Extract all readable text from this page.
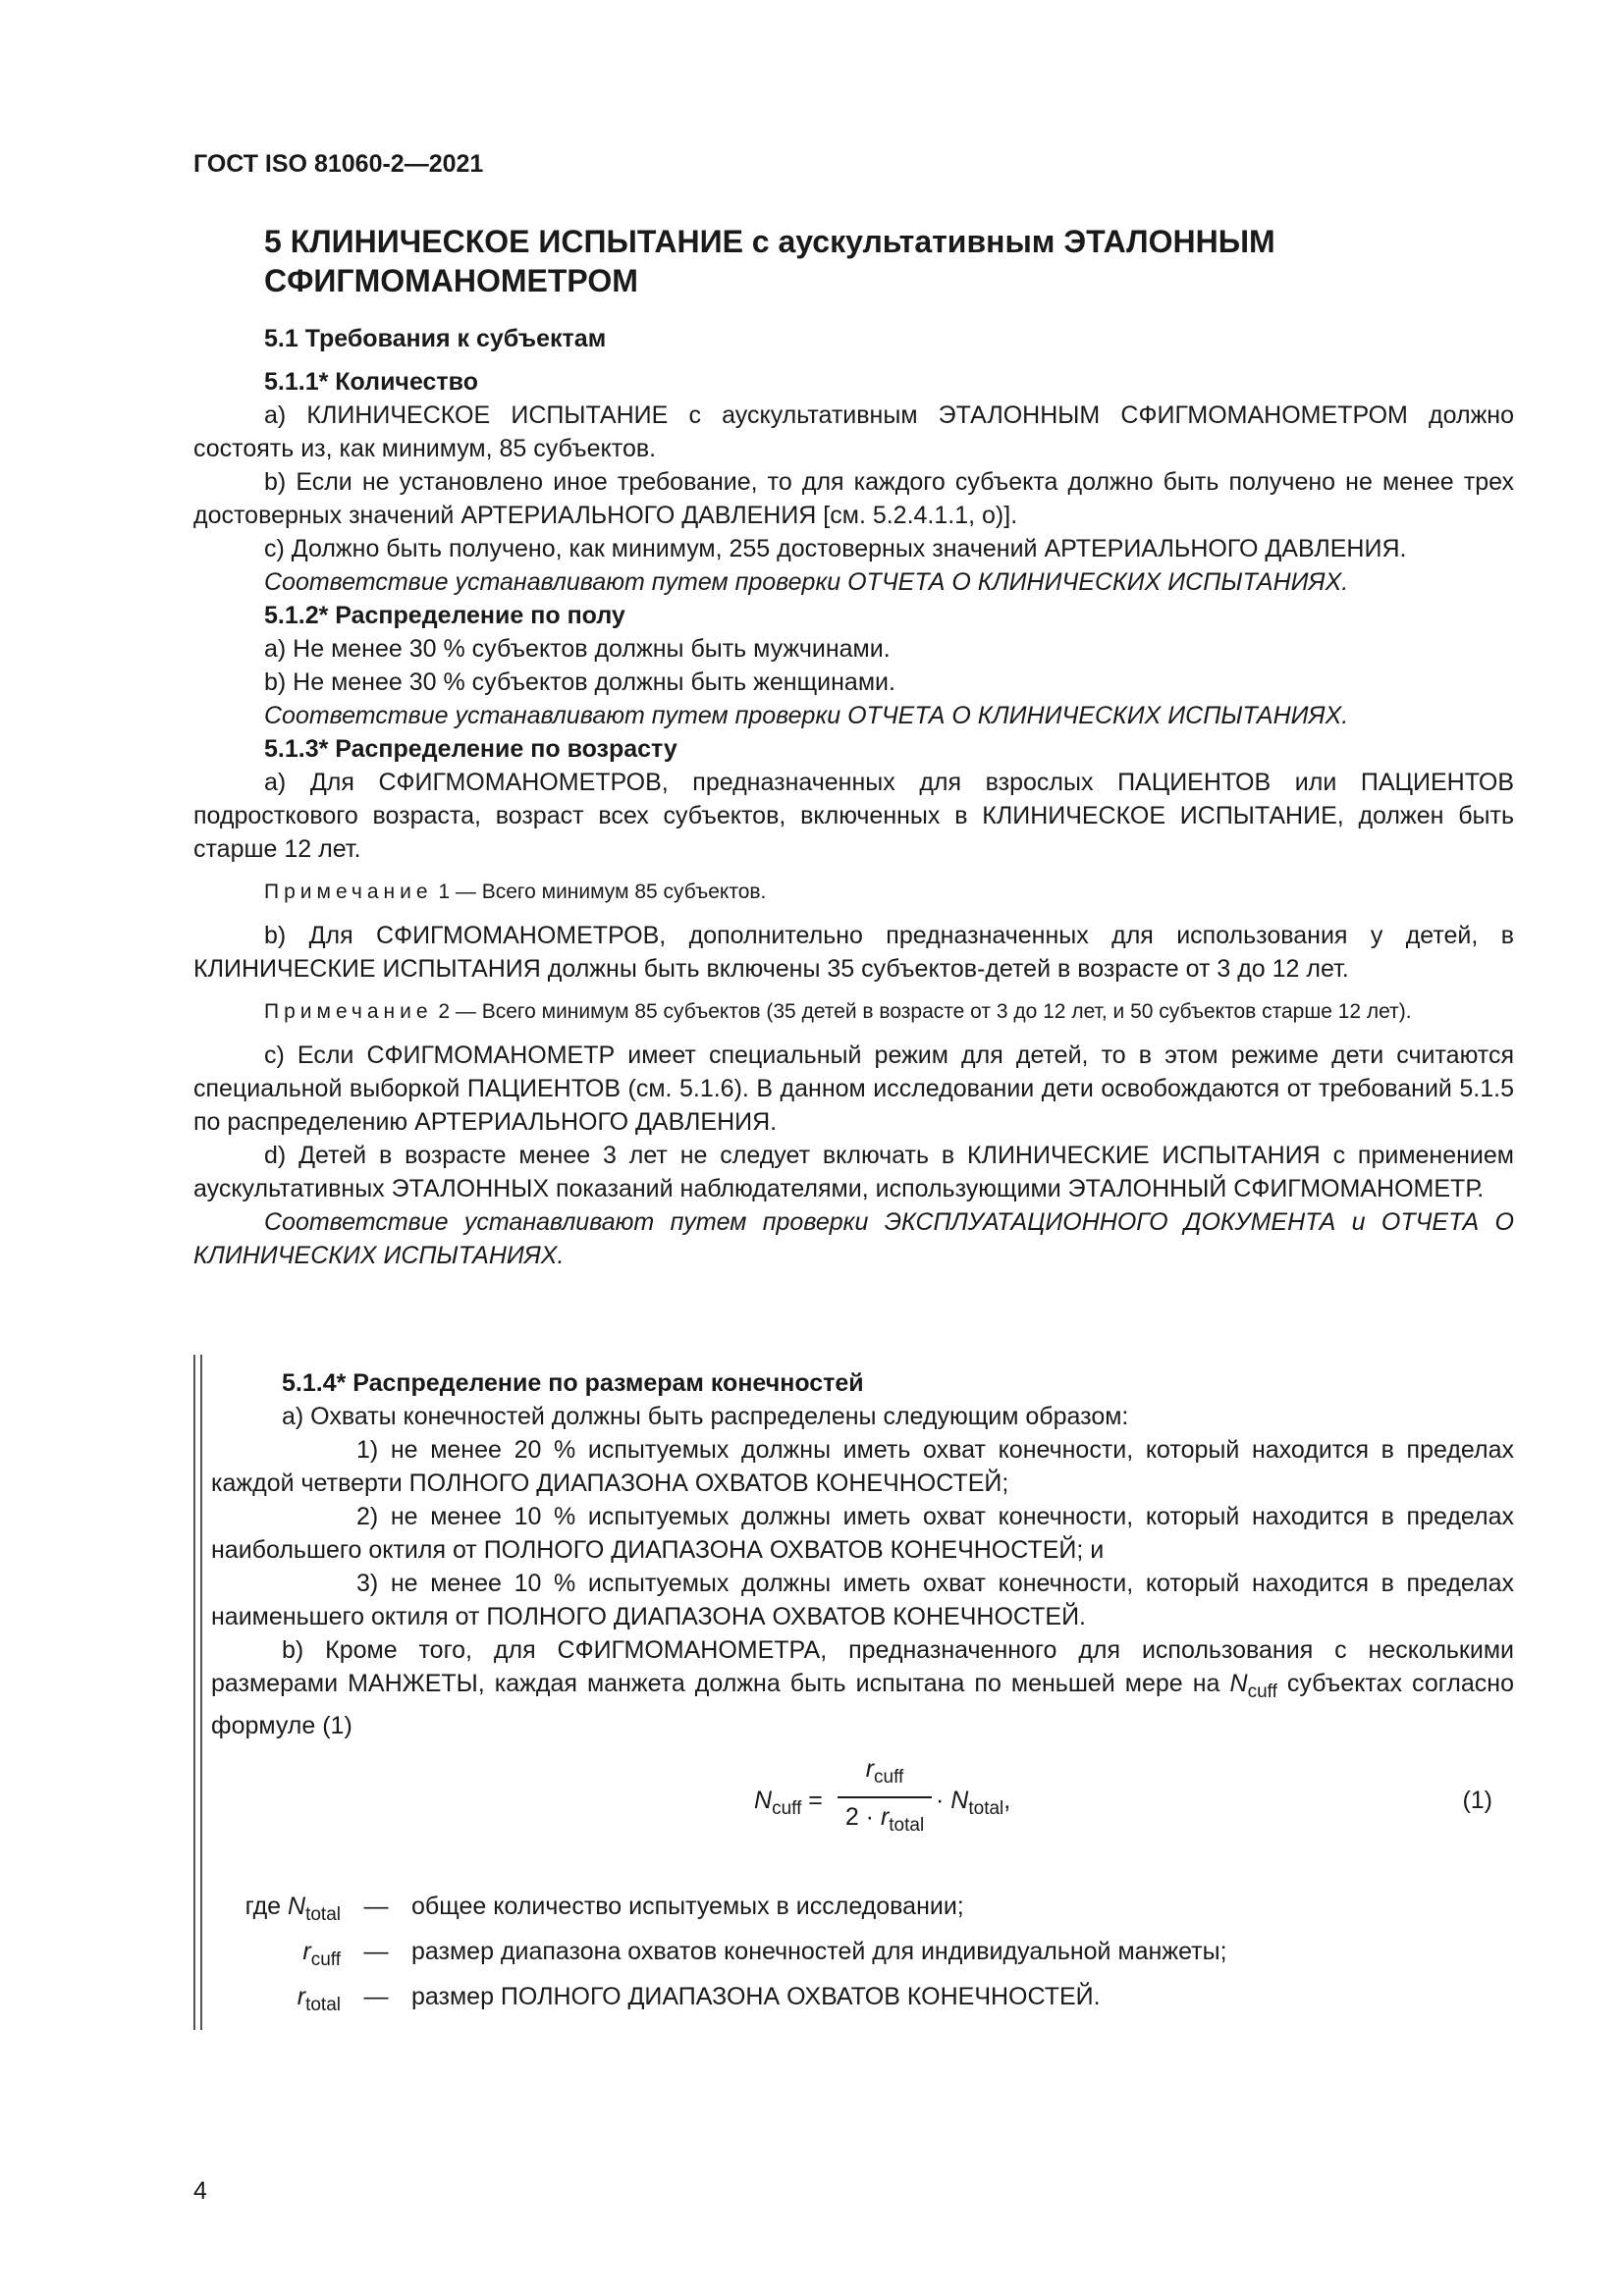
ГОСТ ISO 81060-2—2021
5 КЛИНИЧЕСКОЕ ИСПЫТАНИЕ с аускультативным ЭТАЛОННЫМ
СФИГМОМАНОМЕТРОМ
5.1 Требования к субъектам
5.1.1* Количество

а) КЛИНИЧЕСКОЕ ИСПЫТАНИЕ с аускультативным ЭТАЛОННЫМ СФИГМОМАНОМЕТРОМ должно состоять из, как минимум, 85 субъектов.

b) Если не установлено иное требование, то для каждого субъекта должно быть получено не менее трех достоверных значений АРТЕРИАЛЬНОГО ДАВЛЕНИЯ [см. 5.2.4.1.1, о)].

с) Должно быть получено, как минимум, 255 достоверных значений АРТЕРИАЛЬНОГО ДАВЛЕНИЯ.

Соответствие устанавливают путем проверки ОТЧЕТА О КЛИНИЧЕСКИХ ИСПЫТАНИЯХ.

5.1.2* Распределение по полу

а) Не менее 30 % субъектов должны быть мужчинами.

b) Не менее 30 % субъектов должны быть женщинами.

Соответствие устанавливают путем проверки ОТЧЕТА О КЛИНИЧЕСКИХ ИСПЫТАНИЯХ.

5.1.3* Распределение по возрасту

а) Для СФИГМОМАНОМЕТРОВ, предназначенных для взрослых ПАЦИЕНТОВ или ПАЦИЕНТОВ подросткового возраста, возраст всех субъектов, включенных в КЛИНИЧЕСКОЕ ИСПЫТАНИЕ, должен быть старше 12 лет.

Примечание 1 — Всего минимум 85 субъектов.

b) Для СФИГМОМАНОМЕТРОВ, дополнительно предназначенных для использования у детей, в КЛИНИЧЕСКИЕ ИСПЫТАНИЯ должны быть включены 35 субъектов-детей в возрасте от 3 до 12 лет.

Примечание 2 — Всего минимум 85 субъектов (35 детей в возрасте от 3 до 12 лет, и 50 субъектов старше 12 лет).

с) Если СФИГМОМАНОМЕТР имеет специальный режим для детей, то в этом режиме дети считаются специальной выборкой ПАЦИЕНТОВ (см. 5.1.6). В данном исследовании дети освобождаются от требований 5.1.5 по распределению АРТЕРИАЛЬНОГО ДАВЛЕНИЯ.

d) Детей в возрасте менее 3 лет не следует включать в КЛИНИЧЕСКИЕ ИСПЫТАНИЯ с применением аускультативных ЭТАЛОННЫХ показаний наблюдателями, использующими ЭТАЛОННЫЙ СФИГМОМАНОМЕТР.

Соответствие устанавливают путем проверки ЭКСПЛУАТАЦИОННОГО ДОКУМЕНТА и ОТЧЕТА О КЛИНИЧЕСКИХ ИСПЫТАНИЯХ.

5.1.4* Распределение по размерам конечностей

а) Охваты конечностей должны быть распределены следующим образом:

1) не менее 20 % испытуемых должны иметь охват конечности, который находится в пределах каждой четверти ПОЛНОГО ДИАПАЗОНА ОХВАТОВ КОНЕЧНОСТЕЙ;

2) не менее 10 % испытуемых должны иметь охват конечности, который находится в пределах наибольшего октиля от ПОЛНОГО ДИАПАЗОНА ОХВАТОВ КОНЕЧНОСТЕЙ; и

3) не менее 10 % испытуемых должны иметь охват конечности, который находится в пределах наименьшего октиля от ПОЛНОГО ДИАПАЗОНА ОХВАТОВ КОНЕЧНОСТЕЙ.

b) Кроме того, для СФИГМОМАНОМЕТРА, предназначенного для использования с несколькими размерами МАНЖЕТЫ, каждая манжета должна быть испытана по меньшей мере на $N_{cuff}$ субъектах согласно формуле (1)

$N_{cuff}$ =
$r_{cuff}$
$2 \cdot r_{total}$
· $N_{total}$,	(1)
где $N_{total}$ — общее количество испытуемых в исследовании;
$r_{cuff}$ — размер диапазона охватов конечностей для индивидуальной манжеты;
$r_{total}$ — размер ПОЛНОГО ДИАПАЗОНА ОХВАТОВ КОНЕЧНОСТЕЙ.
4
